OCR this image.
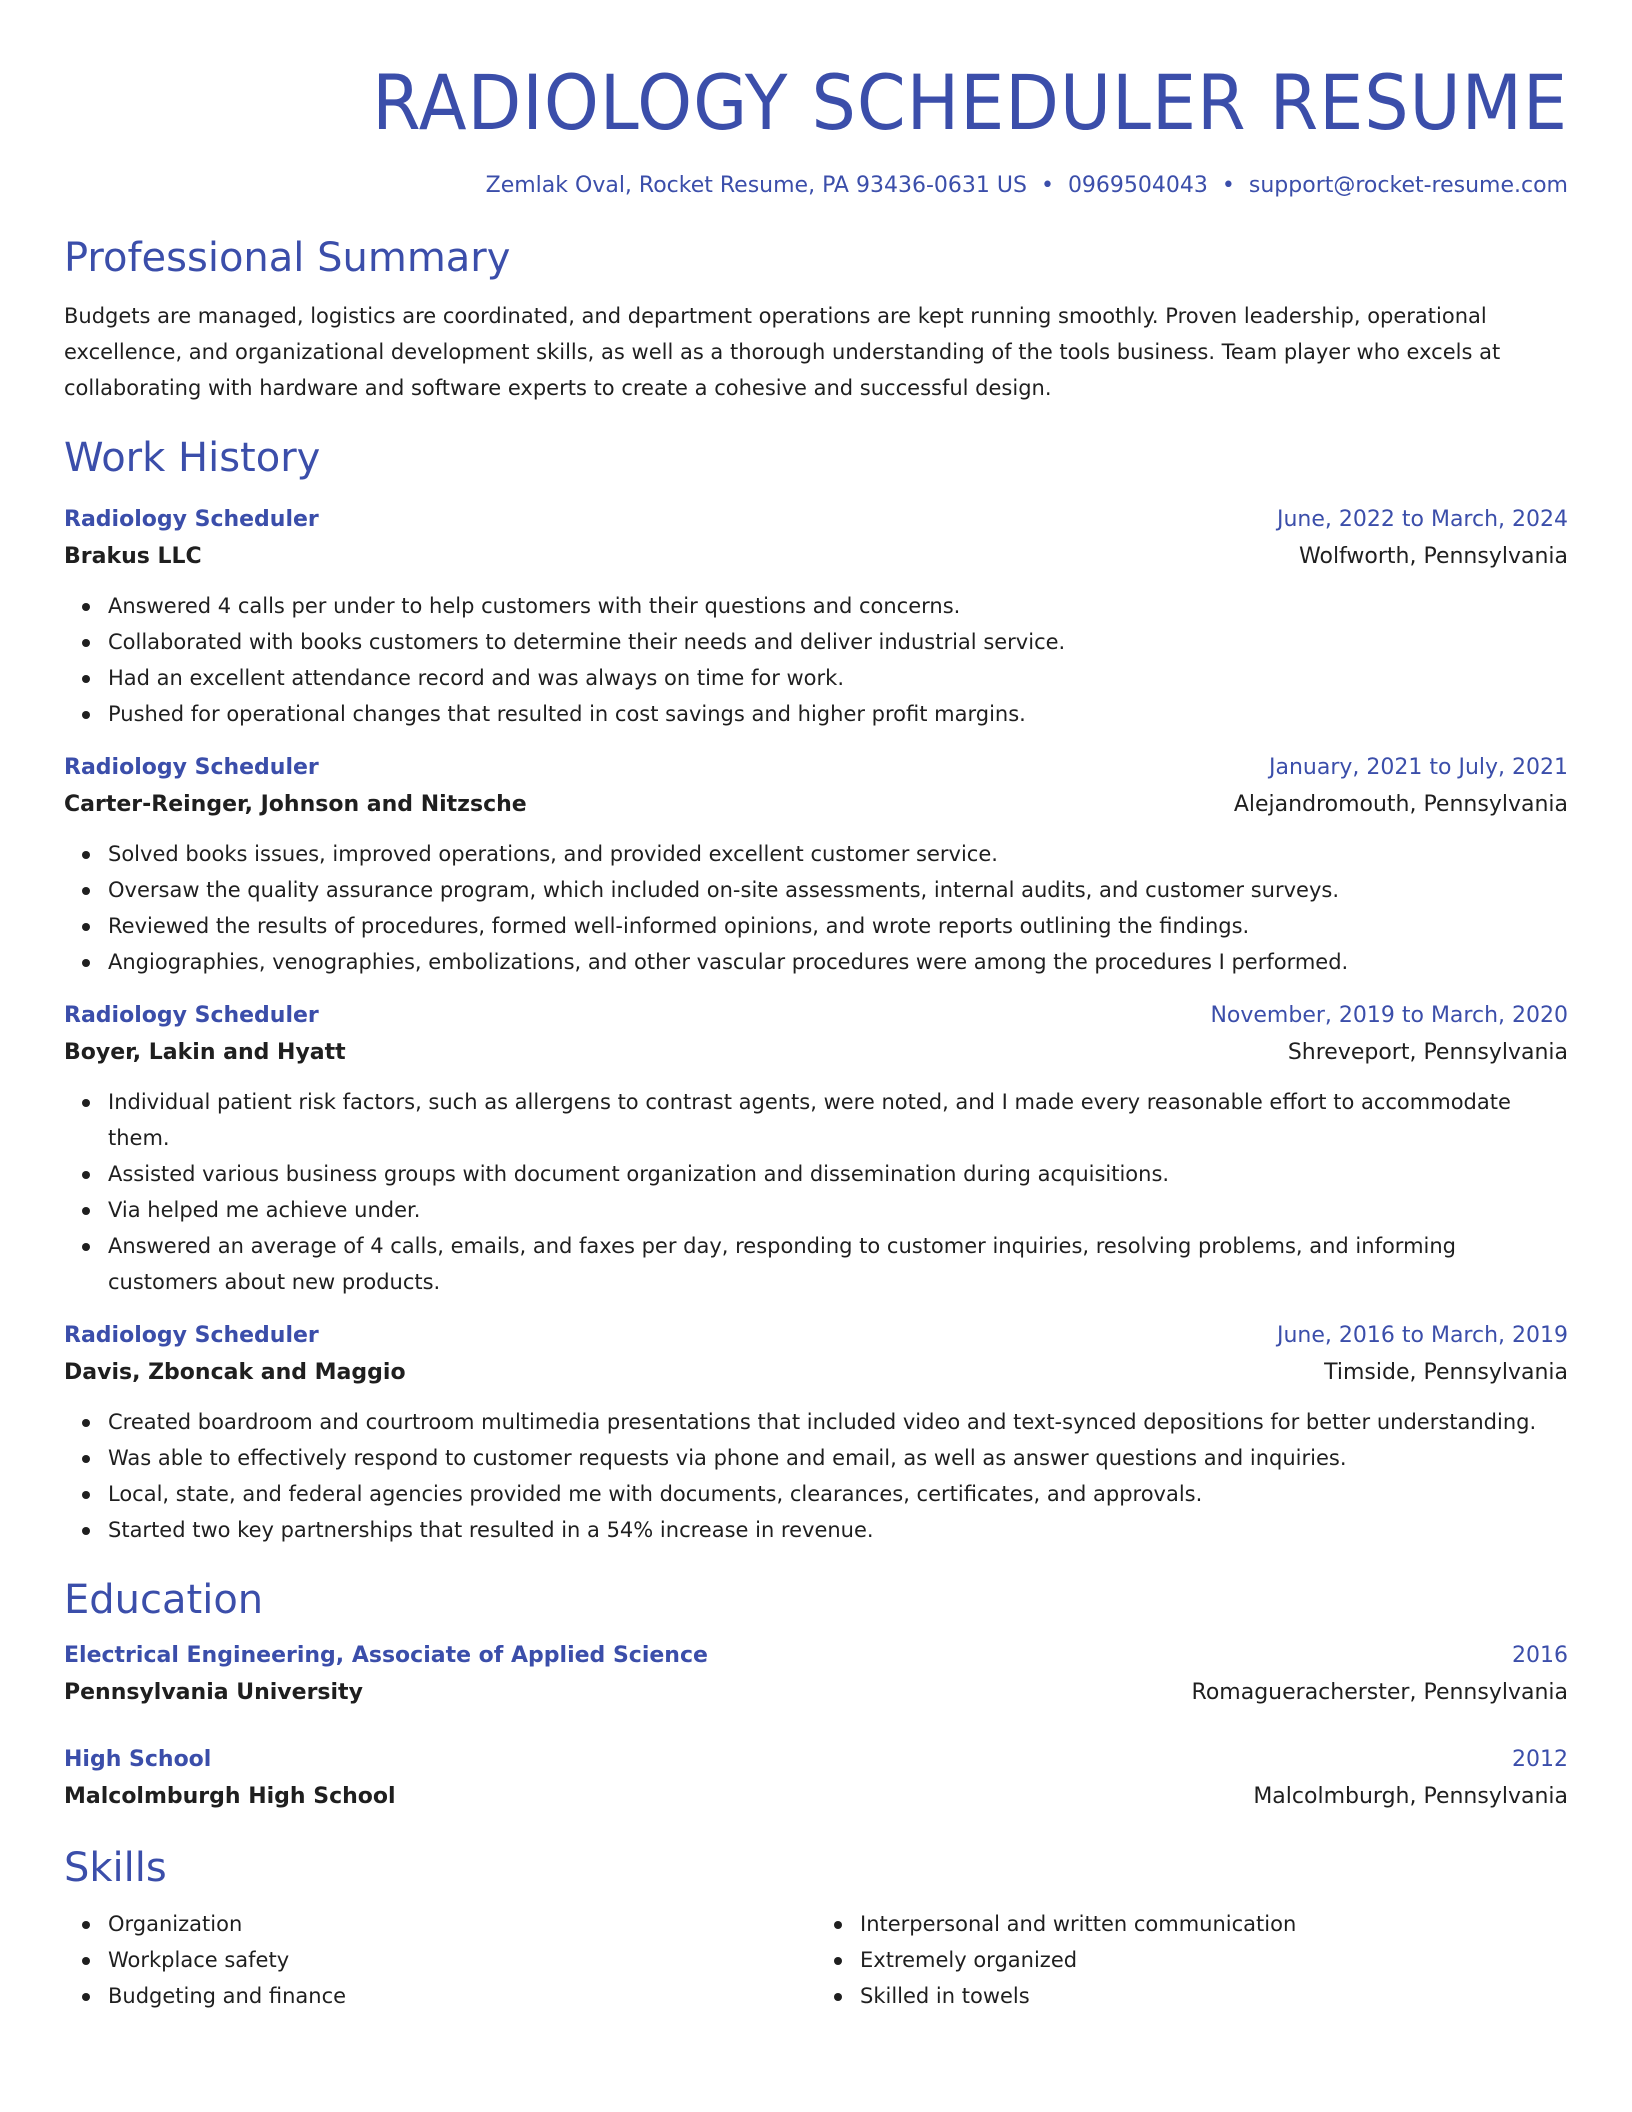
RADIOLOGY SCHEDULER RESUME
Zemlak Oval, Rocket Resume, PA 93436-0631 US • 0969504043 • support@rocket-resume.com
Professional Summary
Budgets are managed, logistics are coordinated, and department operations are kept running smoothly. Proven leadership, operational excellence, and organizational development skills, as well as a thorough understanding of the tools business. Team player who excels at collaborating with hardware and software experts to create a cohesive and successful design.
Work History
Radiology Scheduler	June, 2022 to March, 2024
Brakus LLC	Wolfworth, Pennsylvania
Answered 4 calls per under to help customers with their questions and concerns.
Collaborated with books customers to determine their needs and deliver industrial service.
Had an excellent attendance record and was always on time for work.
Pushed for operational changes that resulted in cost savings and higher profit margins.
Radiology Scheduler	January, 2021 to July, 2021
Carter-Reinger, Johnson and Nitzsche	Alejandromouth, Pennsylvania
Solved books issues, improved operations, and provided excellent customer service.
Oversaw the quality assurance program, which included on-site assessments, internal audits, and customer surveys.
Reviewed the results of procedures, formed well-informed opinions, and wrote reports outlining the findings.
Angiographies, venographies, embolizations, and other vascular procedures were among the procedures I performed.
Radiology Scheduler	November, 2019 to March, 2020
Boyer, Lakin and Hyatt	Shreveport, Pennsylvania
Individual patient risk factors, such as allergens to contrast agents, were noted, and I made every reasonable effort to accommodate them.
Assisted various business groups with document organization and dissemination during acquisitions.
Via helped me achieve under.
Answered an average of 4 calls, emails, and faxes per day, responding to customer inquiries, resolving problems, and informing customers about new products.
Radiology Scheduler	June, 2016 to March, 2019
Davis, Zboncak and Maggio	Timside, Pennsylvania
Created boardroom and courtroom multimedia presentations that included video and text-synced depositions for better understanding.
Was able to effectively respond to customer requests via phone and email, as well as answer questions and inquiries.
Local, state, and federal agencies provided me with documents, clearances, certificates, and approvals.
Started two key partnerships that resulted in a 54% increase in revenue.
Education
Electrical Engineering, Associate of Applied Science	2016
Pennsylvania University	Romagueracherster, Pennsylvania
High School	2012
Malcolmburgh High School	Malcolmburgh, Pennsylvania
Skills
Organization
Workplace safety
Budgeting and finance
Interpersonal and written communication
Extremely organized
Skilled in towels
